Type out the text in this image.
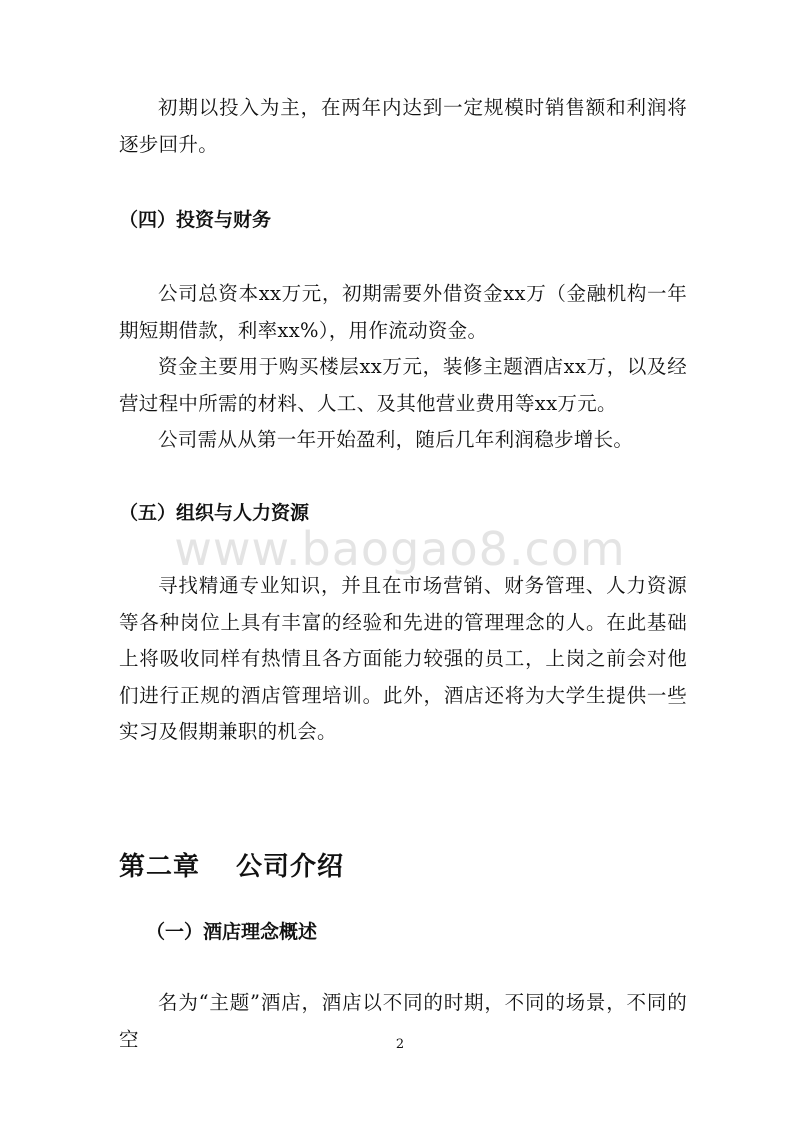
初期以投入为主，在两年内达到一定规模时销售额和利润将逐步回升。

（四）投资与财务

公司总资本xx万元，初期需要外借资金xx万（金融机构一年期短期借款，利率xx%），用作流动资金。

资金主要用于购买楼层xx万元，装修主题酒店xx万，以及经营过程中所需的材料、人工、及其他营业费用等xx万元。

公司需从从第一年开始盈利，随后几年利润稳步增长。

（五）组织与人力资源
www.baogao8.com

寻找精通专业知识，并且在市场营销、财务管理、人力资源等各种岗位上具有丰富的经验和先进的管理理念的人。在此基础上将吸收同样有热情且各方面能力较强的员工，上岗之前会对他们进行正规的酒店管理培训。此外，酒店还将为大学生提供一些实习及假期兼职的机会。

第二章 公司介绍
（一）酒店理念概述

名为“主题”酒店，酒店以不同的时期，不同的场景，不同的空	2
